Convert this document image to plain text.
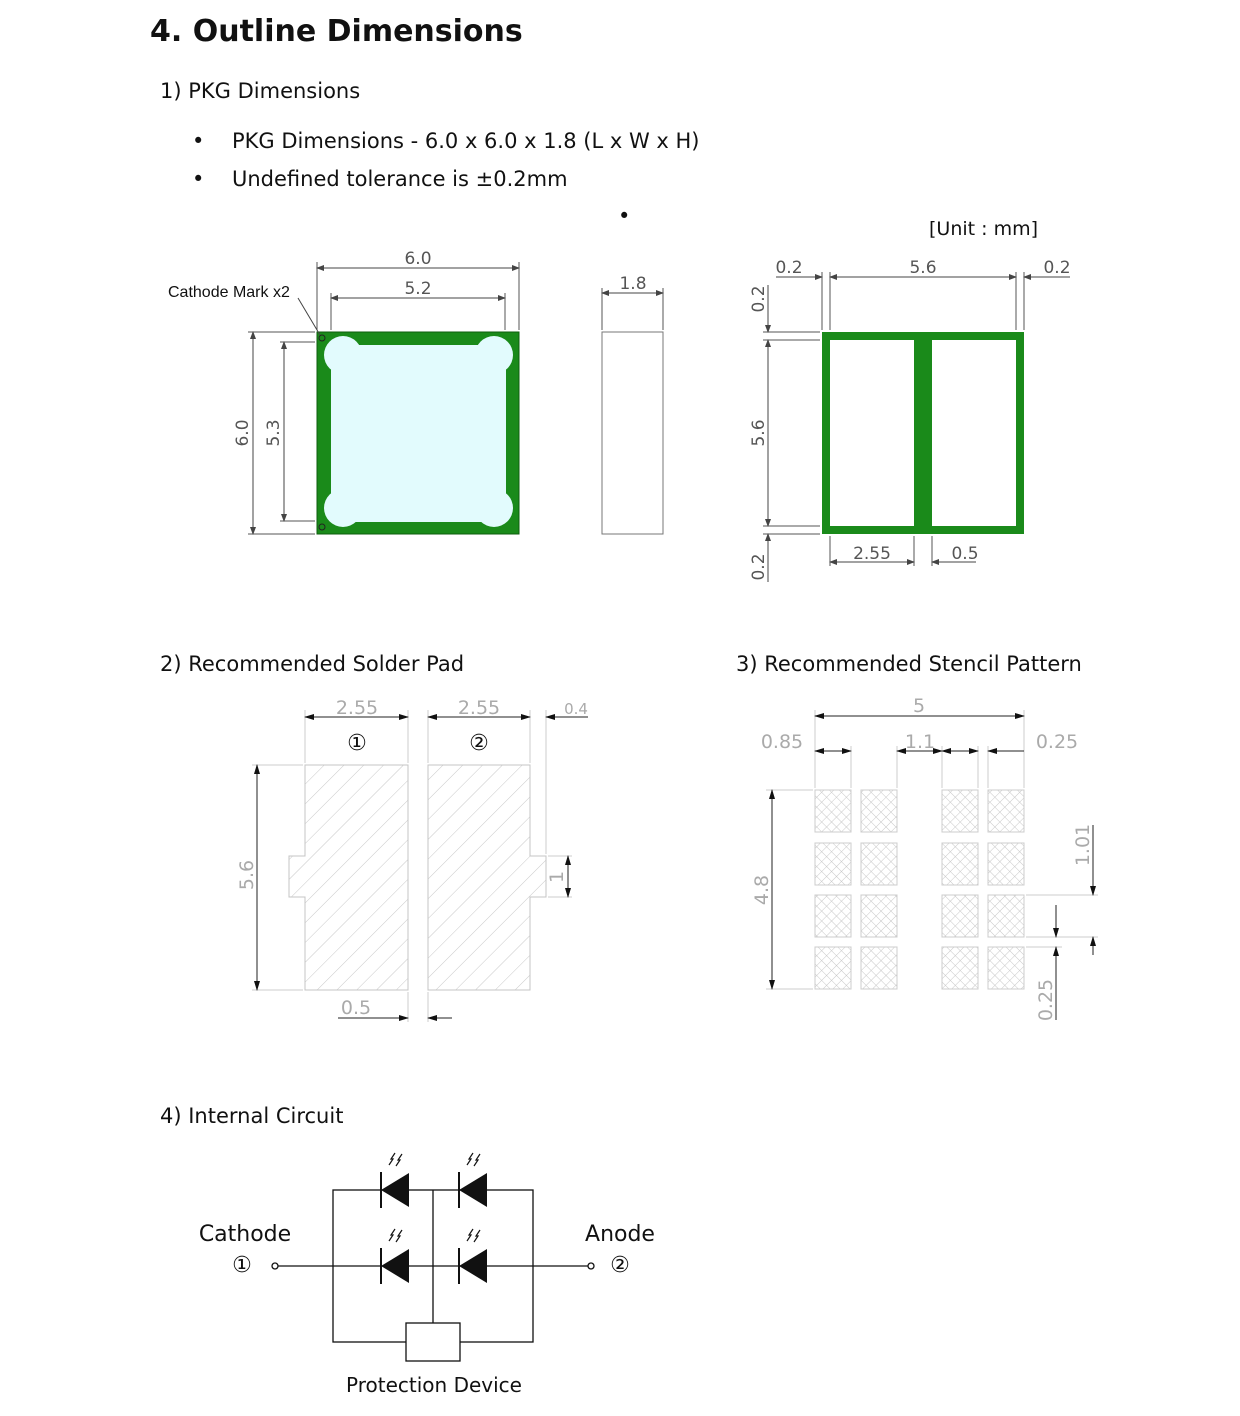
4. Outline Dimensions
1) PKG Dimensions
• PKG Dimensions - 6.0 x 6.0 x 1.8 (L x W x H)
• Undefined tolerance is ±0.2mm
•
[Unit : mm]
2) Recommended Solder Pad	3) Recommended Stencil Pattern
4) Internal Circuit
6.0
5.2
6.0 5.3
Cathode Mark x2	1.8
0.2	5.6	0.2
0.2
5.6
0.2	2.55	0.5
2.55	2.55	0.4
①	②
5.6	1
0.5
5
0.85	1.1	0.25
4.8
1.01
0.25
Cathode
①
Anode
②
Protection Device
